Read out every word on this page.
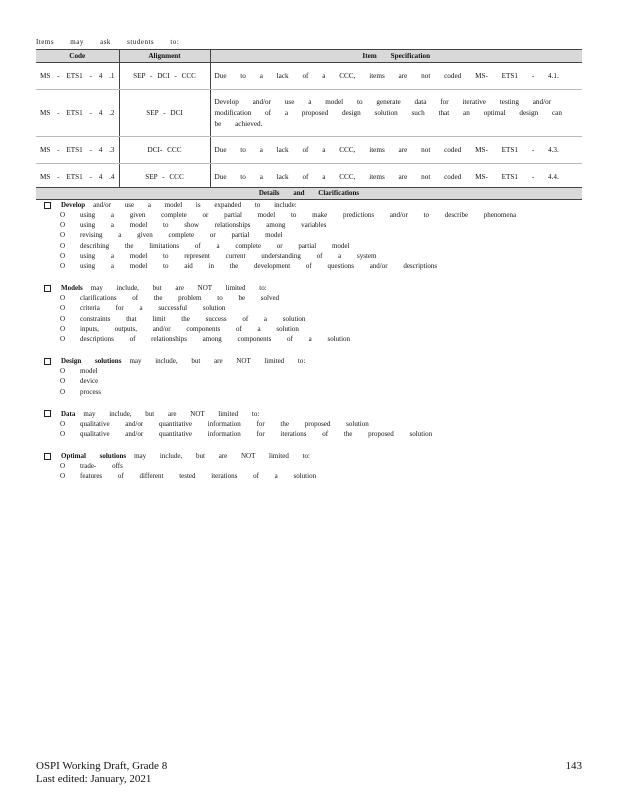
Items may ask students to:
Code	Alignment	Item Specification
MS - ETS1 - 4 .1	SEP - DCI - CCC	Due to a lack of a CCC, items are not coded MS- ETS1 - 4.1.
MS - ETS1 - 4 .2	SEP - DCI	Develop and/or use a model to generate data for iterative testing and/or modification of a proposed design solution such that an optimal design can be achieved.
MS - ETS1 - 4 .3	DCI- CCC	Due to a lack of a CCC, items are not coded MS- ETS1 - 4.3.
MS - ETS1 - 4 .4	SEP - CCC	Due to a lack of a CCC, items are not coded MS- ETS1 - 4.4.
Details and Clarifications
Develop and/or use a model is expanded to include:
O	using a given complete or partial model to make predictions and/or to describe phenomena
O	using a model to show relationships among variables
O	revising a given complete or partial model
O	describing the limitations of a complete or partial model
O	using a model to represent current understanding of a system
O	using a model to aid in the development of questions and/or descriptions
Models may include, but are NOT limited to:
O	clarifications of the problem to be solved
O	criteria for a successful solution
O	constraints that limit the success of a solution
O	inputs, outputs, and/or components of a solution
O	descriptions of relationships among components of a solution
Design solutions may include, but are NOT limited to:
O	model
O	device
O	process
Data may include, but are NOT limited to:
O	qualitative and/or quantitative information for the proposed solution
O	qualitative and/or quantitative information for iterations of the proposed solution
Optimal solutions may include, but are NOT limited to:
O	trade- offs
O	features of different tested iterations of a solution
OSPI Working Draft, Grade 8
Last edited: January, 2021
143
